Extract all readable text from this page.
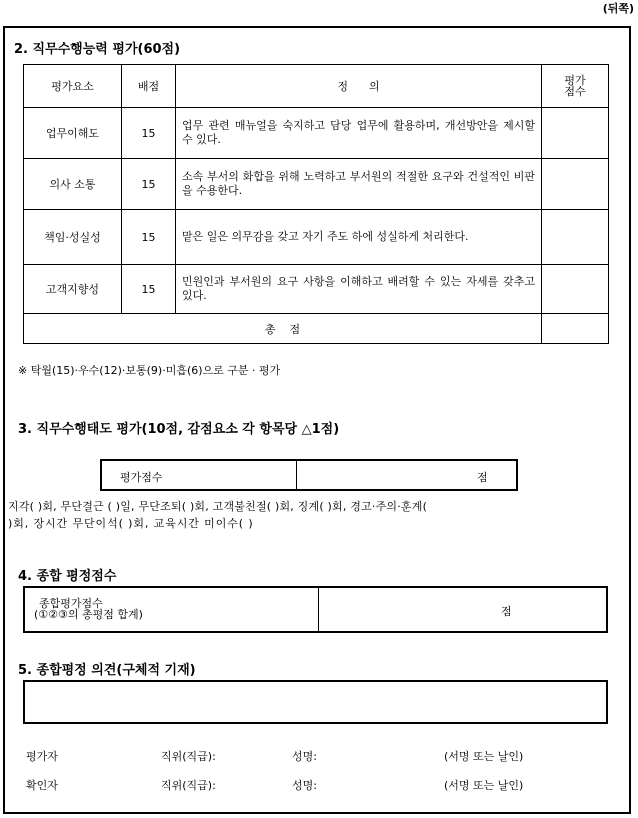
(뒤쪽)
2. 직무수행능력 평가(60점)
평가요소	배점	정      의	평가
점수
업무이해도	15	업무 관련 매뉴얼을 숙지하고 담당 업무에 활용하며, 개선방안을 제시할 수 있다.	
의사 소통	15	소속 부서의 화합을 위해 노력하고 부서원의 적절한 요구와 건설적인 비판을 수용한다.	
책임·성실성	15	맡은 일은 의무감을 갖고 자기 주도 하에 성실하게 처리한다.	
고객지향성	15	민원인과 부서원의 요구 사항을 이해하고 배려할 수 있는 자세를 갖추고 있다.	
총    점			
※ 탁월(15)·우수(12)·보통(9)·미흡(6)으로 구분 · 평가
3. 직무수행태도 평가(10점, 감점요소 각 항목당 △1점)
평가점수	점
지각( )회, 무단결근 ( )일, 무단조퇴( )회, 고객불친절( )회, 징계( )회, 경고·주의·훈계(
)회, 장시간 무단이석( )회, 교육시간 미이수( )
4. 종합 평정점수
종합평가점수
(①②③의 총평점 합계)	점
5. 종합평정 의견(구체적 기재)
평가자	직위(직급):	성명:	(서명 또는 날인)
확인자	직위(직급):	성명:	(서명 또는 날인)
